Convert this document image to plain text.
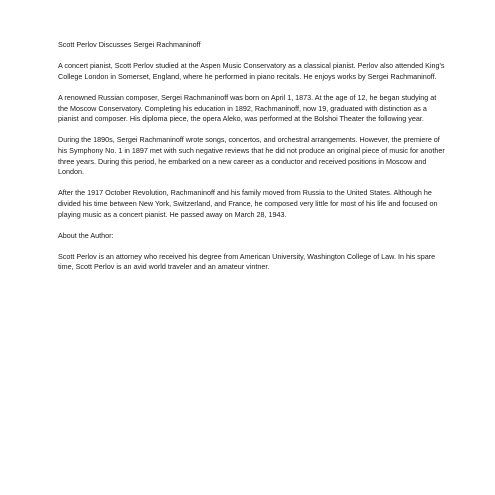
Scott Perlov Discusses Sergei Rachmaninoff

A concert pianist, Scott Perlov studied at the Aspen Music Conservatory as a classical pianist. Perlov also attended King's College London in Somerset, England, where he performed in piano recitals. He enjoys works by Sergei Rachmaninoff.

A renowned Russian composer, Sergei Rachmaninoff was born on April 1, 1873. At the age of 12, he began studying at the Moscow Conservatory. Completing his education in 1892, Rachmaninoff, now 19, graduated with distinction as a pianist and composer. His diploma piece, the opera Aleko, was performed at the Bolshoi Theater the following year.

During the 1890s, Sergei Rachmaninoff wrote songs, concertos, and orchestral arrangements. However, the premiere of his Symphony No. 1 in 1897 met with such negative reviews that he did not produce an original piece of music for another three years. During this period, he embarked on a new career as a conductor and received positions in Moscow and London.

After the 1917 October Revolution, Rachmaninoff and his family moved from Russia to the United States. Although he divided his time between New York, Switzerland, and France, he composed very little for most of his life and focused on playing music as a concert pianist. He passed away on March 28, 1943.

About the Author:

Scott Perlov is an attorney who received his degree from American University, Washington College of Law. In his spare time, Scott Perlov is an avid world traveler and an amateur vintner.
